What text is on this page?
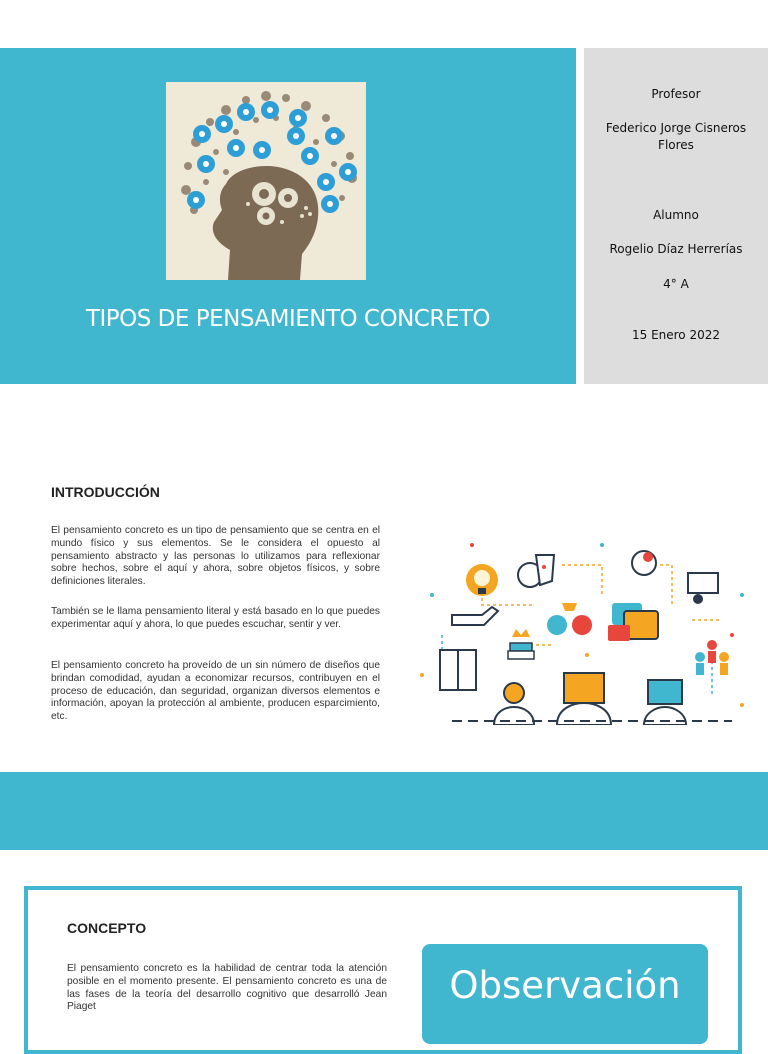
TIPOS DE PENSAMIENTO CONCRETO
Profesor
Federico Jorge Cisneros
Flores
Alumno
Rogelio Díaz Herrerías
4° A
15 Enero 2022
INTRODUCCIÓN

El pensamiento concreto es un tipo de pensamiento que se centra en el mundo físico y sus elementos. Se le considera el opuesto al pensamiento abstracto y las personas lo utilizamos para reflexionar sobre hechos, sobre el aquí y ahora, sobre objetos físicos, y sobre definiciones literales.

También se le llama pensamiento literal y está basado en lo que puedes experimentar aquí y ahora, lo que puedes escuchar, sentir y ver.

El pensamiento concreto ha proveído de un sin número de diseños que brindan comodidad, ayudan a economizar recursos, contribuyen en el proceso de educación, dan seguridad, organizan diversos elementos e información, apoyan la protección al ambiente, producen esparcimiento, etc.

CONCEPTO

El pensamiento concreto es la habilidad de centrar toda la atención posible en el momento presente. El pensamiento concreto es una de las fases de la teoría del desarrollo cognitivo que desarrolló Jean Piaget	Observación
